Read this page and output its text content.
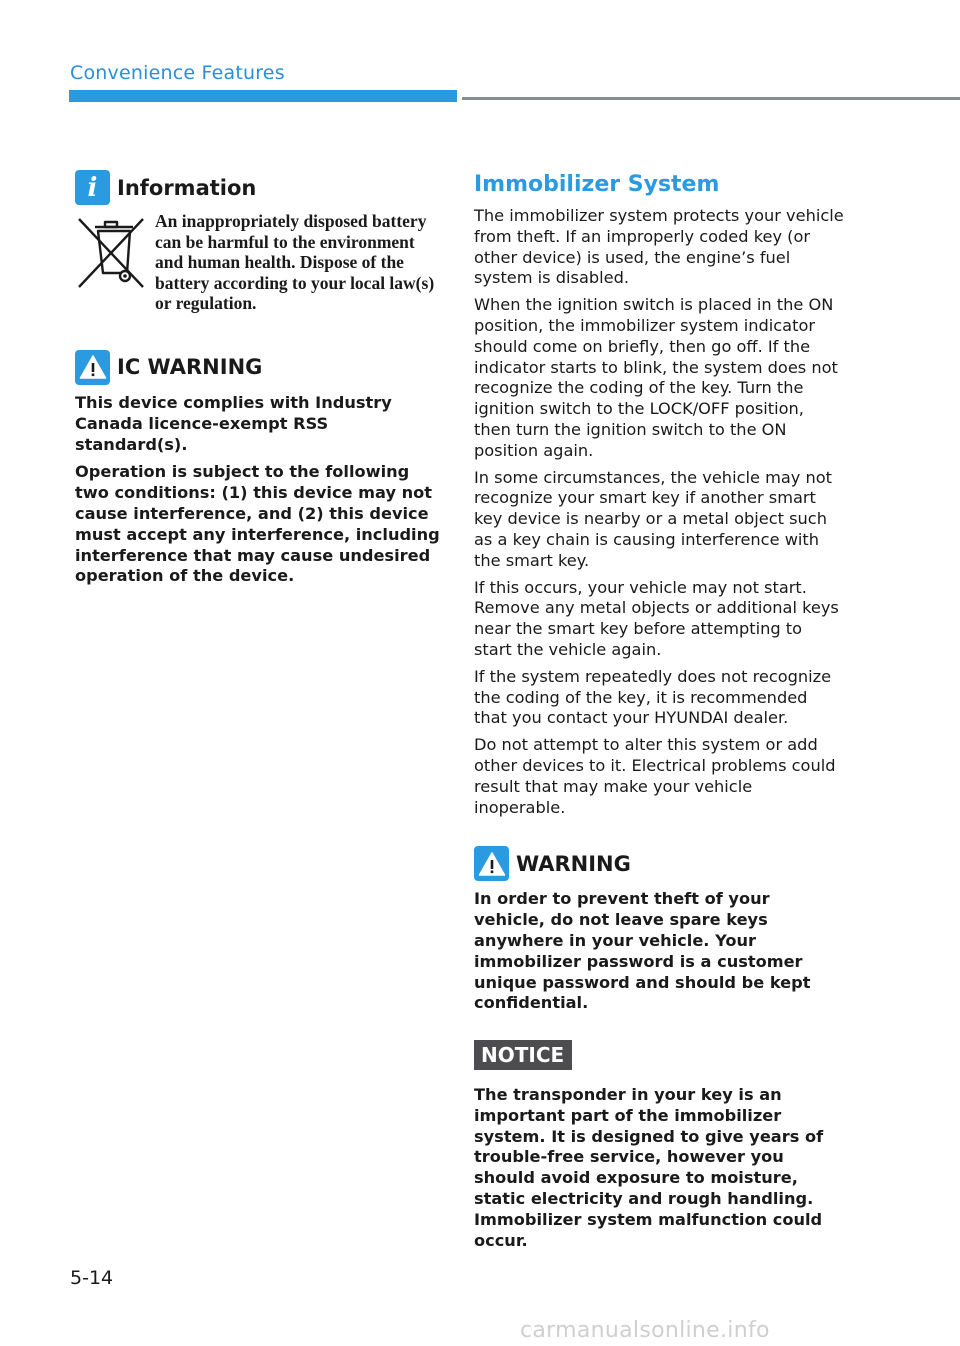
Convenience Features
i Information
An inappropriately disposed battery can be harmful to the environment and human health. Dispose of the battery according to your local law(s) or regulation.
IC WARNING

This device complies with Industry Canada licence-exempt RSS standard(s).

Operation is subject to the following two conditions: (1) this device may not cause interference, and (2) this device must accept any interference, including interference that may cause undesired operation of the device.

Immobilizer System

The immobilizer system protects your vehicle from theft. If an improperly coded key (or other device) is used, the engine’s fuel system is disabled.

When the ignition switch is placed in the ON position, the immobilizer system indicator should come on briefly, then go off. If the indicator starts to blink, the system does not recognize the coding of the key. Turn the ignition switch to the LOCK/OFF position, then turn the ignition switch to the ON position again.

In some circumstances, the vehicle may not recognize your smart key if another smart key device is nearby or a metal object such as a key chain is causing interference with the smart key.

If this occurs, your vehicle may not start. Remove any metal objects or additional keys near the smart key before attempting to start the vehicle again.

If the system repeatedly does not recognize the coding of the key, it is recommended that you contact your HYUNDAI dealer.

Do not attempt to alter this system or add other devices to it. Electrical problems could result that may make your vehicle inoperable.

WARNING

In order to prevent theft of your vehicle, do not leave spare keys anywhere in your vehicle. Your immobilizer password is a customer unique password and should be kept confidential.

NOTICE

The transponder in your key is an important part of the immobilizer system. It is designed to give years of trouble-free service, however you should avoid exposure to moisture, static electricity and rough handling. Immobilizer system malfunction could occur.

5-14
carmanualsonline.info
